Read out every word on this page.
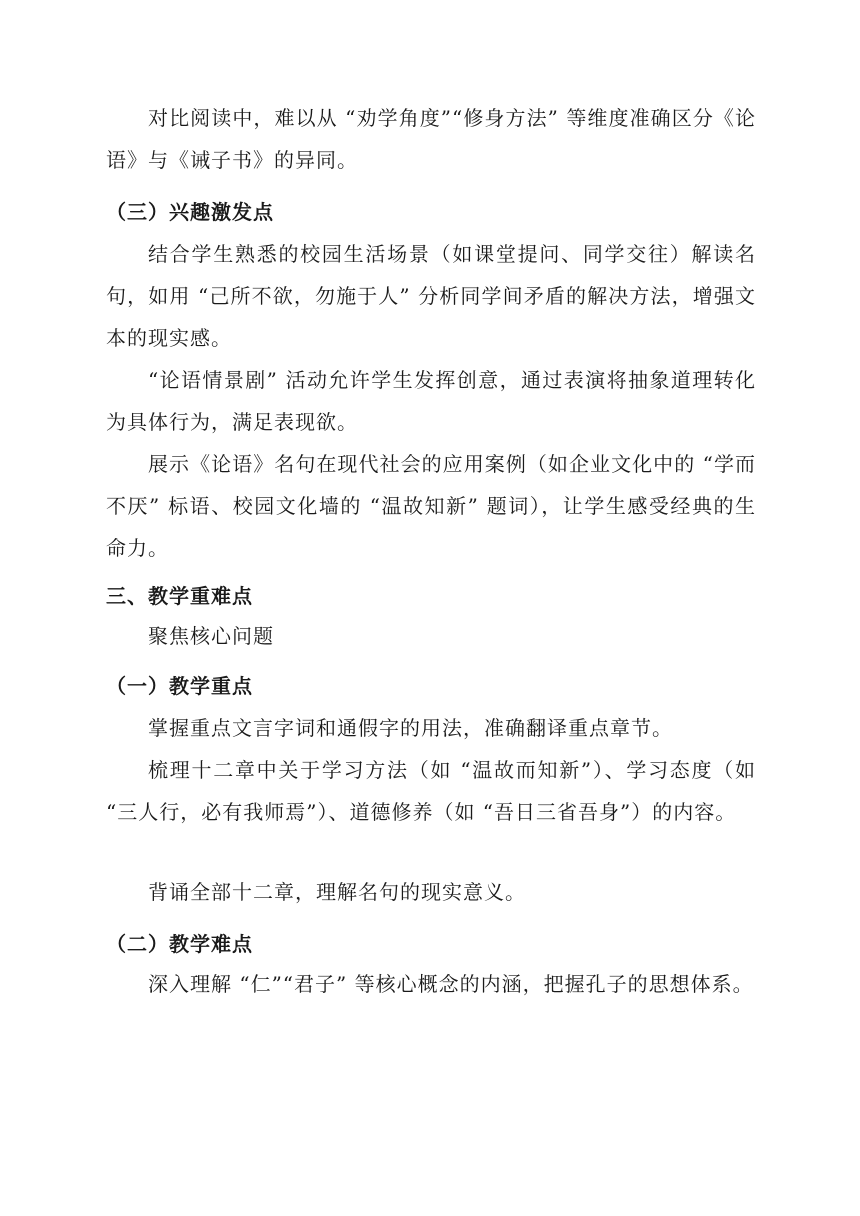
对比阅读中，难以从 “劝学角度”“修身方法” 等维度准确区分《论语》与《诫子书》的异同。

（三）兴趣激发点

结合学生熟悉的校园生活场景（如课堂提问、同学交往）解读名句，如用 “己所不欲，勿施于人” 分析同学间矛盾的解决方法，增强文本的现实感。

“论语情景剧” 活动允许学生发挥创意，通过表演将抽象道理转化为具体行为，满足表现欲。

展示《论语》名句在现代社会的应用案例（如企业文化中的 “学而不厌” 标语、校园文化墙的 “温故知新” 题词），让学生感受经典的生命力。

三、教学重难点

聚焦核心问题

（一）教学重点

掌握重点文言字词和通假字的用法，准确翻译重点章节。

梳理十二章中关于学习方法（如 “温故而知新”）、学习态度（如 “三人行，必有我师焉”）、道德修养（如 “吾日三省吾身”）的内容。

背诵全部十二章，理解名句的现实意义。

（二）教学难点

深入理解 “仁”“君子” 等核心概念的内涵，把握孔子的思想体系。
